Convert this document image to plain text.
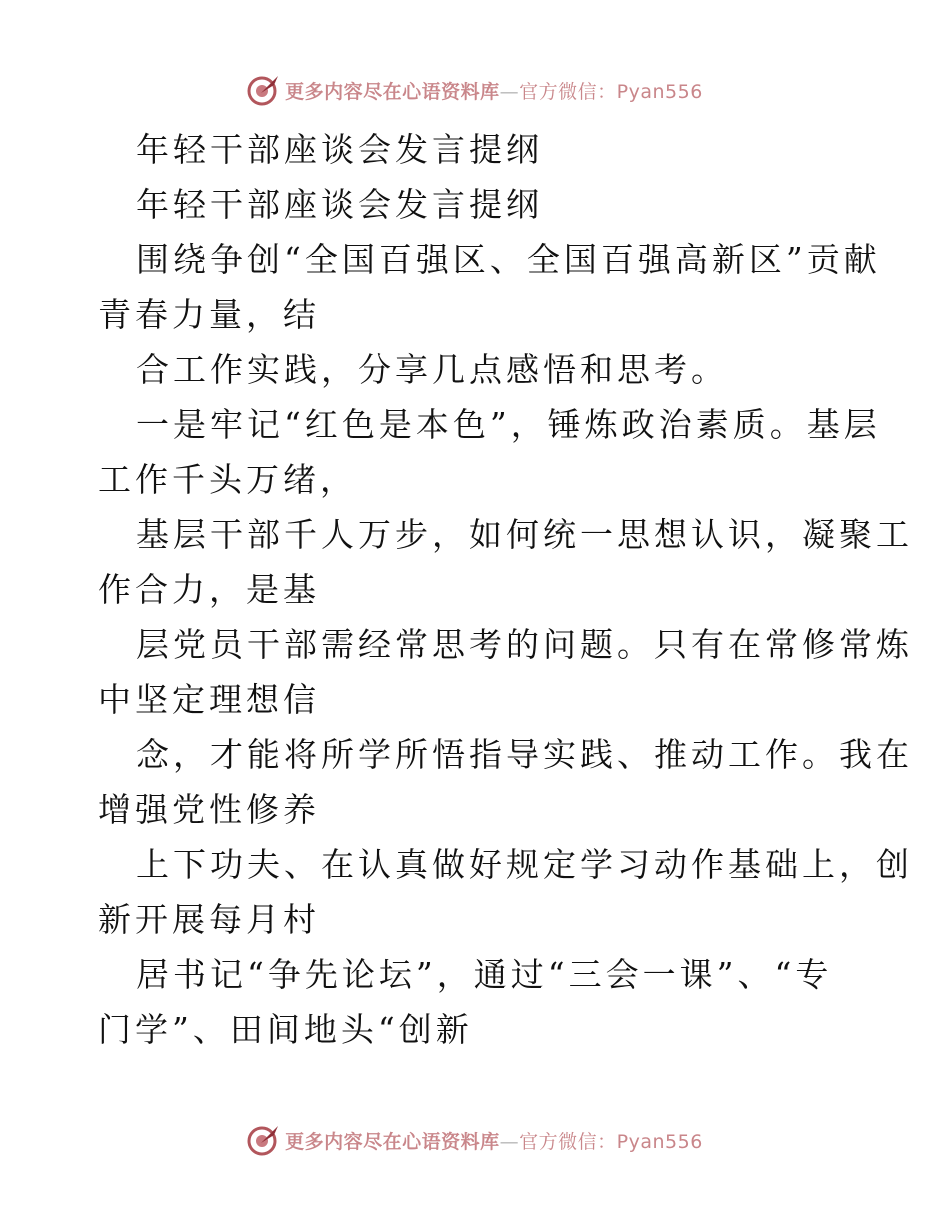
更多内容尽在心语资料库—官方微信：Pyan556
年轻干部座谈会发言提纲
年轻干部座谈会发言提纲
围绕争创“全国百强区、全国百强高新区”贡献
青春力量，结
合工作实践，分享几点感悟和思考。
一是牢记“红色是本色”，锤炼政治素质。基层
工作千头万绪，
基层干部千人万步，如何统一思想认识，凝聚工
作合力，是基
层党员干部需经常思考的问题。只有在常修常炼
中坚定理想信
念，才能将所学所悟指导实践、推动工作。我在
增强党性修养
上下功夫、在认真做好规定学习动作基础上，创
新开展每月村
居书记“争先论坛”，通过“三会一课”、“专
门学”、田间地头“创新
更多内容尽在心语资料库—官方微信：Pyan556
